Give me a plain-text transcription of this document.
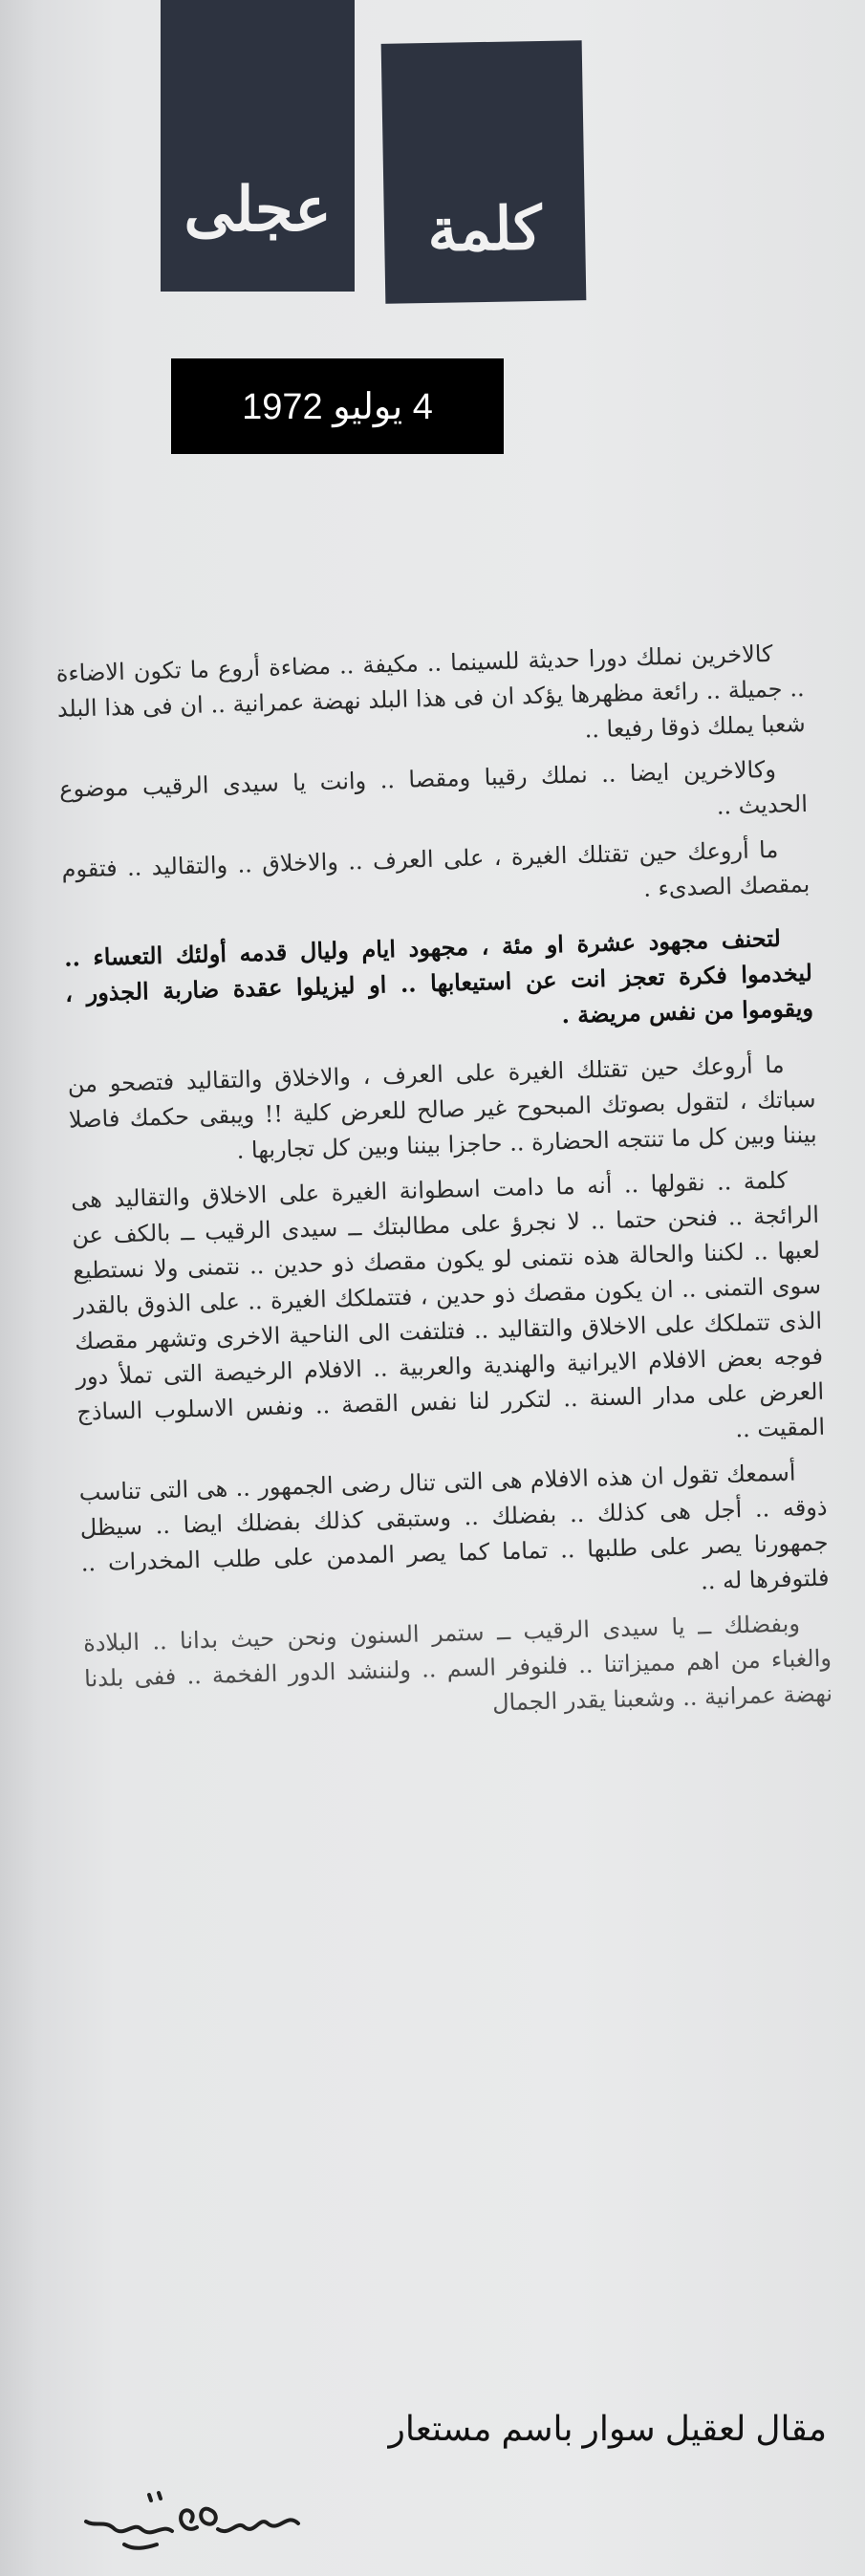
عجلى كلمة
4 يوليو 1972

كالاخرين نملك دورا حديثة للسينما .. مكيفة .. مضاءة أروع ما تكون الاضاءة .. جميلة .. رائعة مظهرها يؤكد ان فى هذا البلد نهضة عمرانية .. ان فى هذا البلد شعبا يملك ذوقا رفيعا ..

وكالاخرين ايضا .. نملك رقيبا ومقصا .. وانت يا سيدى الرقيب موضوع الحديث ..

ما أروعك حين تقتلك الغيرة ، على العرف .. والاخلاق .. والتقاليد .. فتقوم بمقصك الصدىء .

لتحنف مجهود عشرة او مئة ، مجهود ايام وليال قدمه أولئك التعساء .. ليخدموا فكرة تعجز انت عن استيعابها .. او ليزيلوا عقدة ضاربة الجذور ، ويقوموا من نفس مريضة .

ما أروعك حين تقتلك الغيرة على العرف ، والاخلاق والتقاليد فتصحو من سباتك ، لتقول بصوتك المبحوح غير صالح للعرض كلية !! ويبقى حكمك فاصلا بيننا وبين كل ما تنتجه الحضارة .. حاجزا بيننا وبين كل تجاربها .

كلمة .. نقولها .. أنه ما دامت اسطوانة الغيرة على الاخلاق والتقاليد هى الرائجة .. فنحن حتما .. لا نجرؤ على مطالبتك ــ سيدى الرقيب ــ بالكف عن لعبها .. لكننا والحالة هذه نتمنى لو يكون مقصك ذو حدين .. نتمنى ولا نستطيع سوى التمنى .. ان يكون مقصك ذو حدين ، فتتملكك الغيرة .. على الذوق بالقدر الذى تتملكك على الاخلاق والتقاليد .. فتلتفت الى الناحية الاخرى وتشهر مقصك فوجه بعض الافلام الايرانية والهندية والعربية .. الافلام الرخيصة التى تملأ دور العرض على مدار السنة .. لتكرر لنا نفس القصة .. ونفس الاسلوب الساذج المقيت ..

أسمعك تقول ان هذه الافلام هى التى تنال رضى الجمهور .. هى التى تناسب ذوقه .. أجل هى كذلك .. بفضلك .. وستبقى كذلك بفضلك ايضا .. سيظل جمهورنا يصر على طلبها .. تماما كما يصر المدمن على طلب المخدرات .. فلتوفرها له ..

وبفضلك ــ يا سيدى الرقيب ــ ستمر السنون ونحن حيث بدانا .. البلادة والغباء من اهم مميزاتنا .. فلنوفر السم .. ولننشد الدور الفخمة .. ففى بلدنا نهضة عمرانية .. وشعبنا يقدر الجمال

مقال لعقيل سوار باسم مستعار
